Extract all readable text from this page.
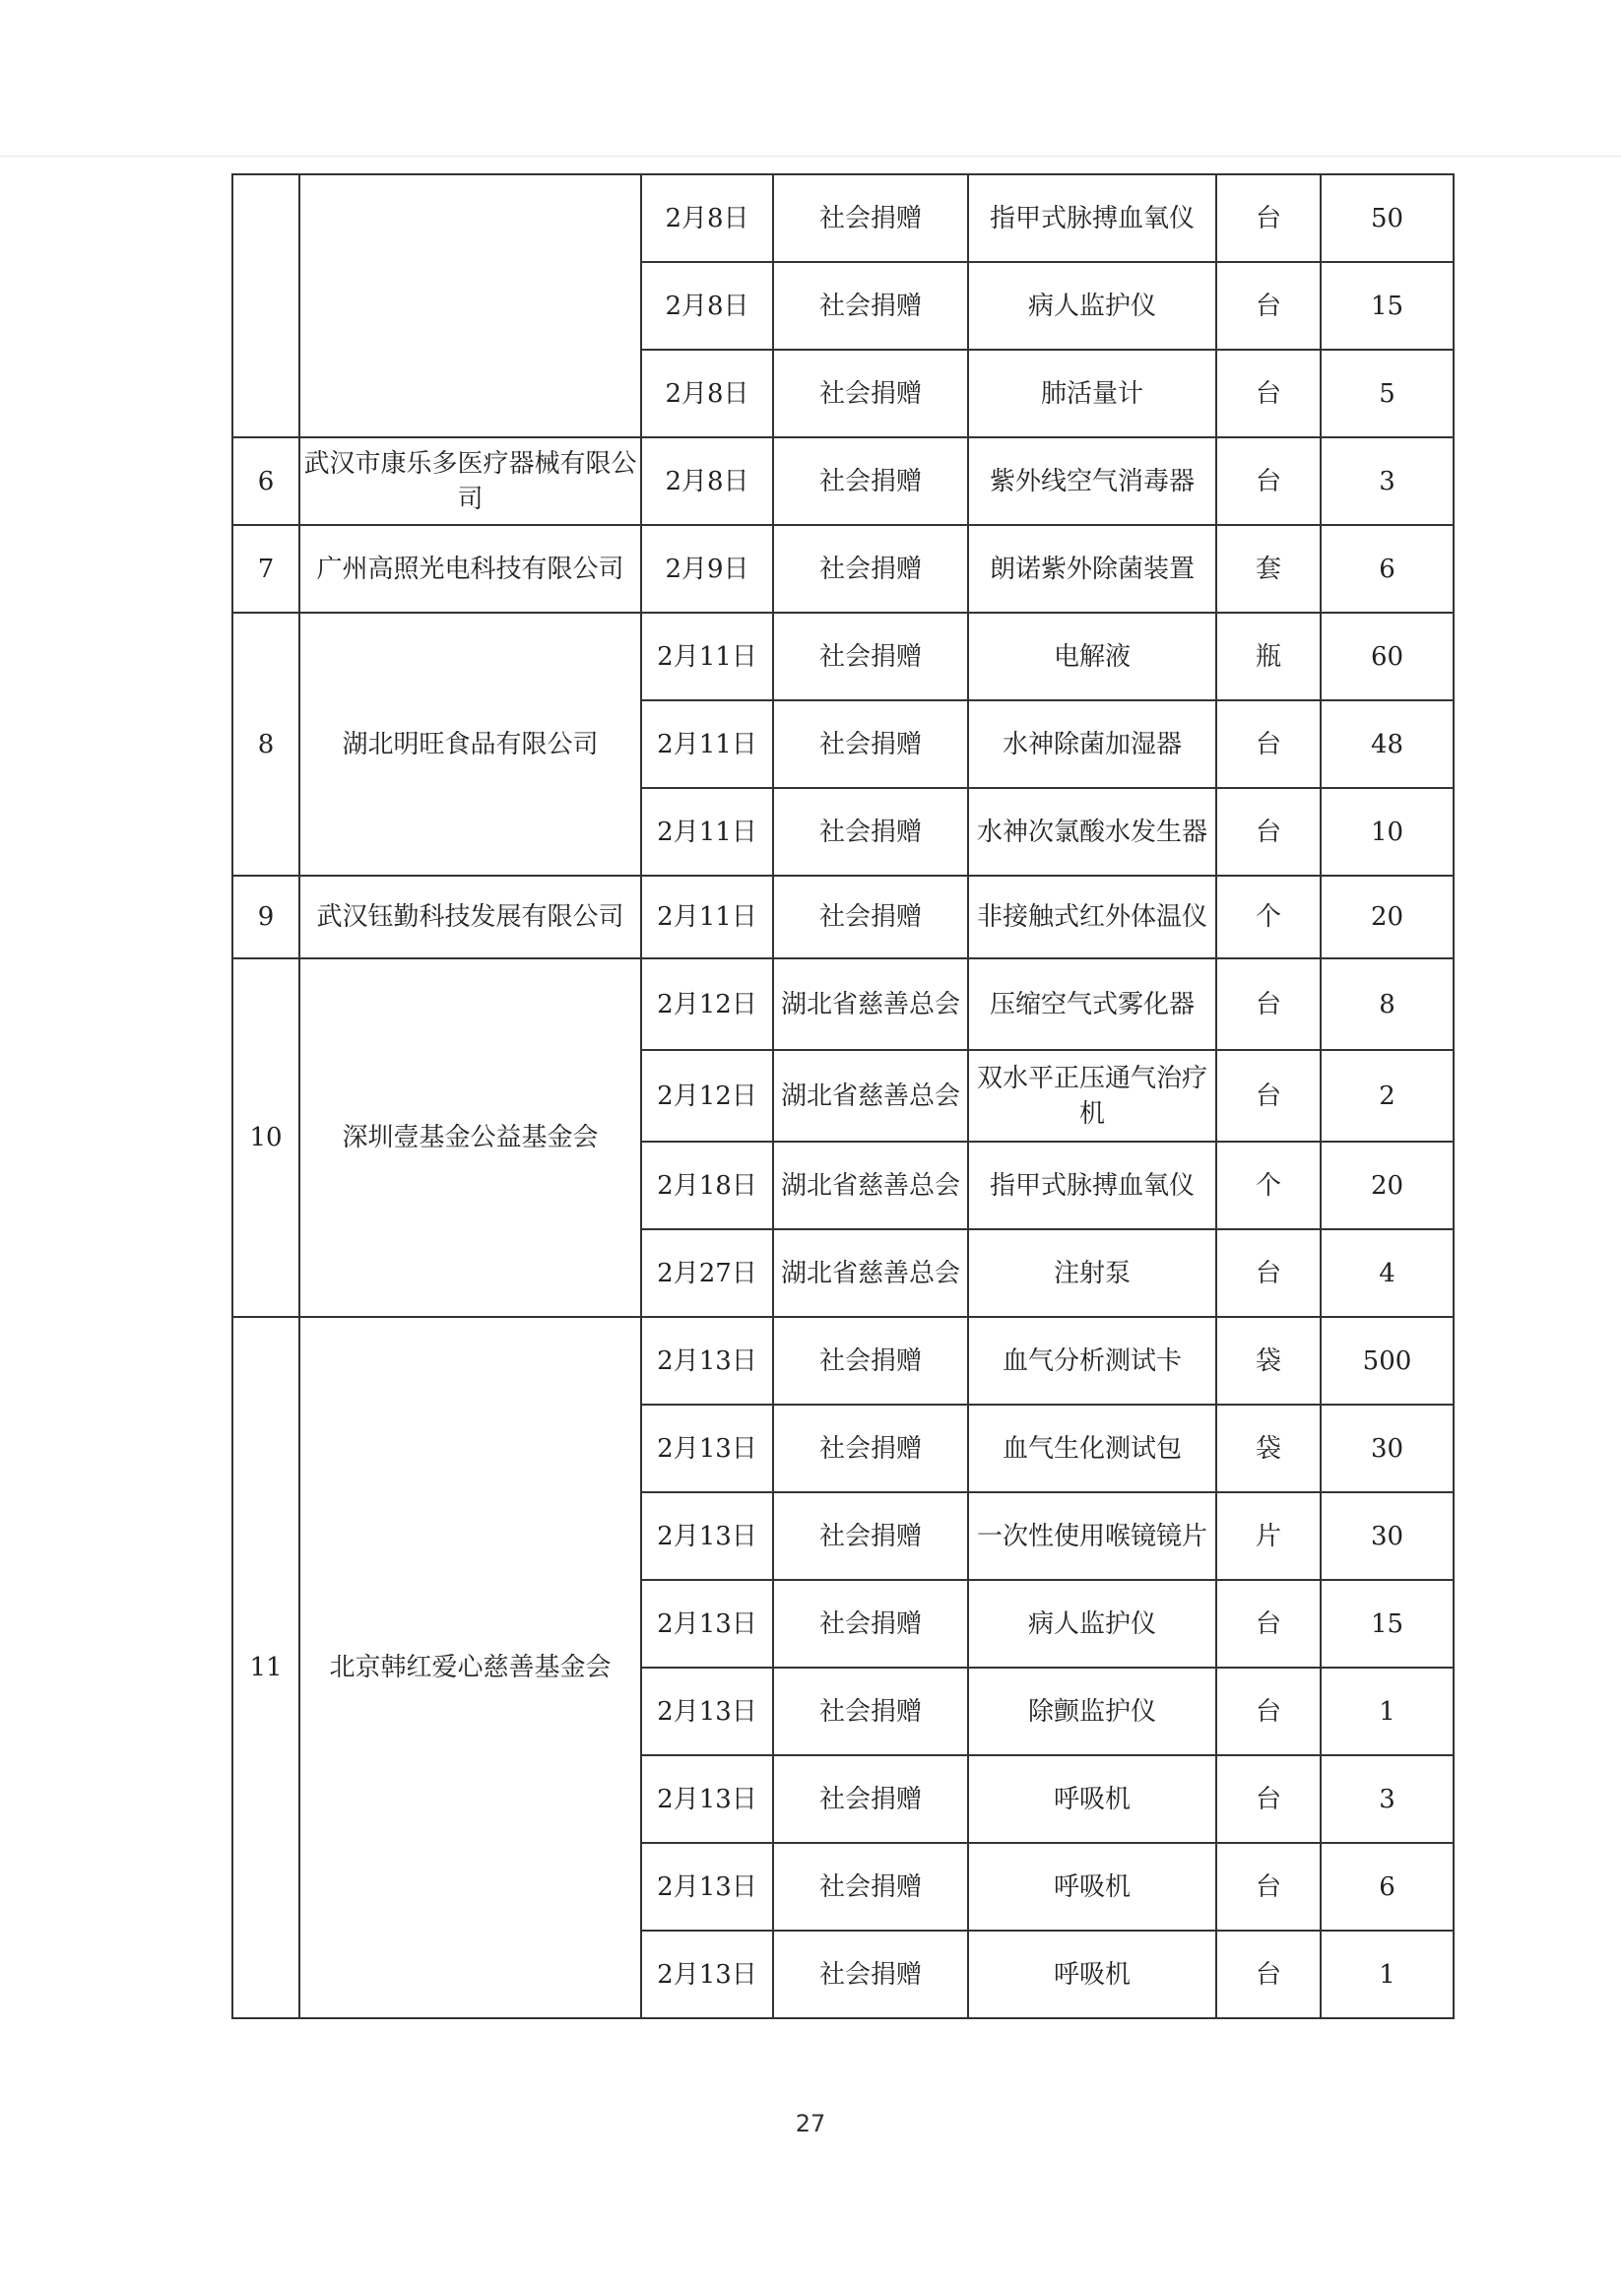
		2月8日	社会捐赠	指甲式脉搏血氧仪	台	50
		2月8日	社会捐赠	病人监护仪	台	15
		2月8日	社会捐赠	肺活量计	台	5
6	武汉市康乐多医疗器械有限公司	2月8日	社会捐赠	紫外线空气消毒器	台	3
7	广州高照光电科技有限公司	2月9日	社会捐赠	朗诺紫外除菌装置	套	6
8	湖北明旺食品有限公司	2月11日	社会捐赠	电解液	瓶	60
		2月11日	社会捐赠	水神除菌加湿器	台	48
		2月11日	社会捐赠	水神次氯酸水发生器	台	10
9	武汉钰勤科技发展有限公司	2月11日	社会捐赠	非接触式红外体温仪	个	20
10	深圳壹基金公益基金会	2月12日	湖北省慈善总会	压缩空气式雾化器	台	8
		2月12日	湖北省慈善总会	双水平正压通气治疗机	台	2
		2月18日	湖北省慈善总会	指甲式脉搏血氧仪	个	20
		2月27日	湖北省慈善总会	注射泵	台	4
11	北京韩红爱心慈善基金会	2月13日	社会捐赠	血气分析测试卡	袋	500
		2月13日	社会捐赠	血气生化测试包	袋	30
		2月13日	社会捐赠	一次性使用喉镜镜片	片	30
		2月13日	社会捐赠	病人监护仪	台	15
		2月13日	社会捐赠	除颤监护仪	台	1
		2月13日	社会捐赠	呼吸机	台	3
		2月13日	社会捐赠	呼吸机	台	6
		2月13日	社会捐赠	呼吸机	台	1
27
